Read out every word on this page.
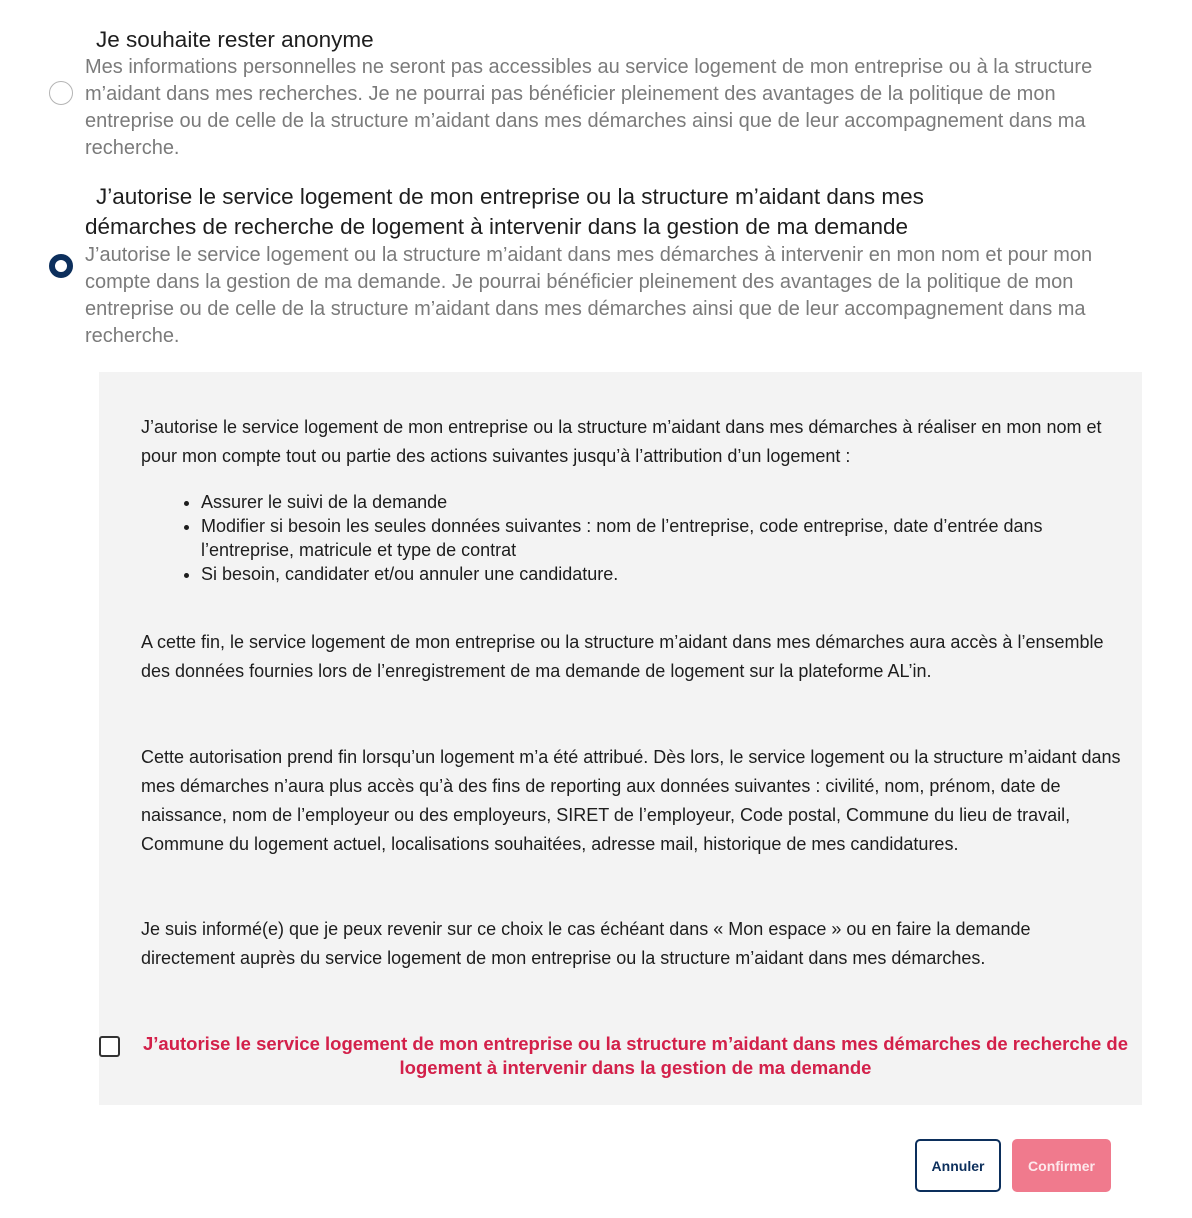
Je souhaite rester anonyme
Mes informations personnelles ne seront pas accessibles au service logement de mon entreprise ou à la structure m’aidant dans mes recherches. Je ne pourrai pas bénéficier pleinement des avantages de la politique de mon entreprise ou de celle de la structure m’aidant dans mes démarches ainsi que de leur accompagnement dans ma recherche.
J’autorise le service logement de mon entreprise ou la structure m’aidant dans mes démarches de recherche de logement à intervenir dans la gestion de ma demande
J’autorise le service logement ou la structure m’aidant dans mes démarches à intervenir en mon nom et pour mon compte dans la gestion de ma demande. Je pourrai bénéficier pleinement des avantages de la politique de mon entreprise ou de celle de la structure m’aidant dans mes démarches ainsi que de leur accompagnement dans ma recherche.
J’autorise le service logement de mon entreprise ou la structure m’aidant dans mes démarches à réaliser en mon nom et pour mon compte tout ou partie des actions suivantes jusqu’à l’attribution d’un logement :
• Assurer le suivi de la demande
• Modifier si besoin les seules données suivantes : nom de l’entreprise, code entreprise, date d’entrée dans l’entreprise, matricule et type de contrat
• Si besoin, candidater et/ou annuler une candidature.
A cette fin, le service logement de mon entreprise ou la structure m’aidant dans mes démarches aura accès à l’ensemble des données fournies lors de l’enregistrement de ma demande de logement sur la plateforme AL’in.
Cette autorisation prend fin lorsqu’un logement m’a été attribué. Dès lors, le service logement ou la structure m’aidant dans mes démarches n’aura plus accès qu’à des fins de reporting aux données suivantes : civilité, nom, prénom, date de naissance, nom de l’employeur ou des employeurs, SIRET de l’employeur, Code postal, Commune du lieu de travail, Commune du logement actuel, localisations souhaitées, adresse mail, historique de mes candidatures.
Je suis informé(e) que je peux revenir sur ce choix le cas échéant dans « Mon espace » ou en faire la demande directement auprès du service logement de mon entreprise ou la structure m’aidant dans mes démarches.
J’autorise le service logement de mon entreprise ou la structure m’aidant dans mes démarches de recherche de logement à intervenir dans la gestion de ma demande
Annuler	Confirmer
